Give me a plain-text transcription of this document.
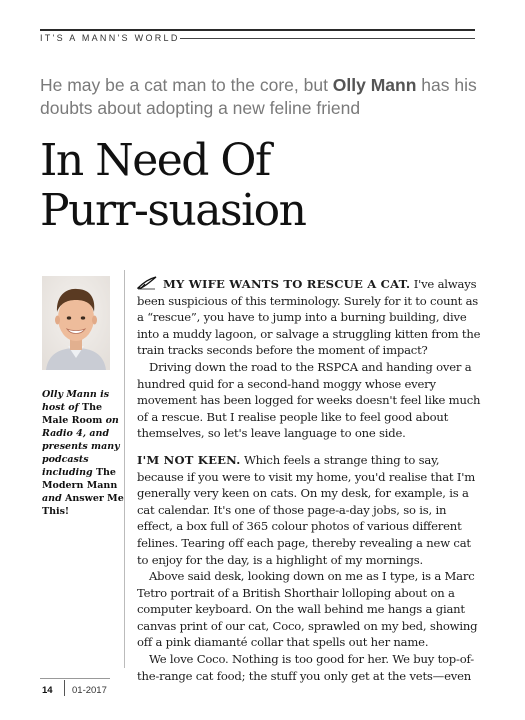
IT'S A MANN'S WORLD
He may be a cat man to the core, but Olly Mann has his doubts about adopting a new feline friend
In Need Of
Purr-suasion
Olly Mann is host of The Male Room on Radio 4, and presents many podcasts including The Modern Mann and Answer Me This!

MY WIFE WANTS TO RESCUE A CAT. I've always been suspicious of this terminology. Surely for it to count as a “rescue”, you have to jump into a burning building, dive into a muddy lagoon, or salvage a struggling kitten from the train tracks seconds before the moment of impact?

Driving down the road to the RSPCA and handing over a hundred quid for a second-hand moggy whose every movement has been logged for weeks doesn't feel like much of a rescue. But I realise people like to feel good about themselves, so let's leave language to one side.

I'M NOT KEEN. Which feels a strange thing to say, because if you were to visit my home, you'd realise that I'm generally very keen on cats. On my desk, for example, is a cat calendar. It's one of those page-a-day jobs, so is, in effect, a box full of 365 colour photos of various different felines. Tearing off each page, thereby revealing a new cat to enjoy for the day, is a highlight of my mornings.

Above said desk, looking down on me as I type, is a Marc Tetro portrait of a British Shorthair lolloping about on a computer keyboard. On the wall behind me hangs a giant canvas print of our cat, Coco, sprawled on my bed, showing off a pink diamanté collar that spells out her name.

We love Coco. Nothing is too good for her. We buy top-of-the-range cat food; the stuff you only get at the vets—even

14 01-2017
